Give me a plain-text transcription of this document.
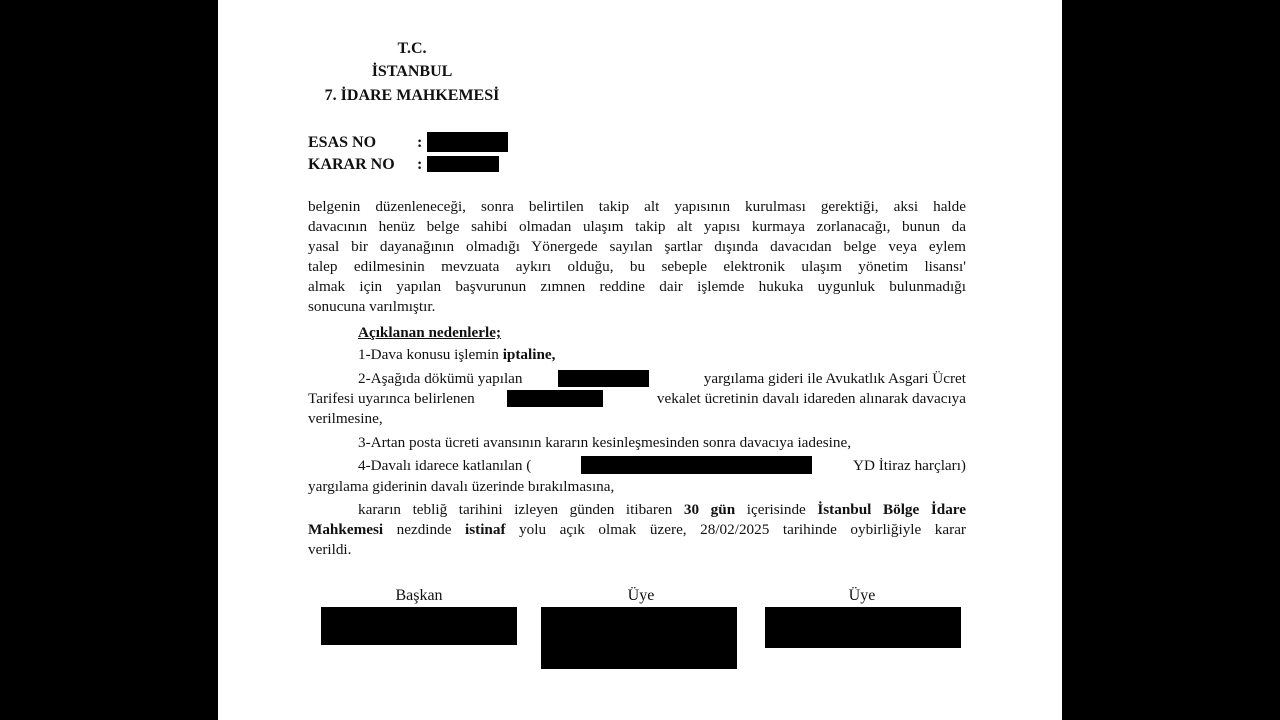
T.C.
İSTANBUL
7. İDARE MAHKEMESİ
ESAS NO	:
KARAR NO :
belgenin düzenleneceği, sonra belirtilen takip alt yapısının kurulması gerektiği, aksi halde
davacının henüz belge sahibi olmadan ulaşım takip alt yapısı kurmaya zorlanacağı, bunun da
yasal bir dayanağının olmadığı Yönergede sayılan şartlar dışında davacıdan belge veya eylem
talep edilmesinin mevzuata aykırı olduğu, bu sebeple elektronik ulaşım yönetim lisansı'
almak için yapılan başvurunun zımnen reddine dair işlemde hukuka uygunluk bulunmadığı
sonucuna varılmıştır.
Açıklanan nedenlerle;
1-Dava konusu işlemin iptaline,
2-Aşağıda dökümü yapılan	yargılama gideri ile Avukatlık Asgari Ücret
Tarifesi uyarınca belirlenen	vekalet ücretinin davalı idareden alınarak davacıya
verilmesine,
3-Artan posta ücreti avansının kararın kesinleşmesinden sonra davacıya iadesine,
4-Davalı idarece katlanılan (	YD İtiraz harçları)
yargılama giderinin davalı üzerinde bırakılmasına,
kararın tebliğ tarihini izleyen günden itibaren 30 gün içerisinde İstanbul Bölge İdare
Mahkemesi nezdinde istinaf yolu açık olmak üzere, 28/02/2025 tarihinde oybirliğiyle karar
verildi.
Başkan	Üye	Üye
